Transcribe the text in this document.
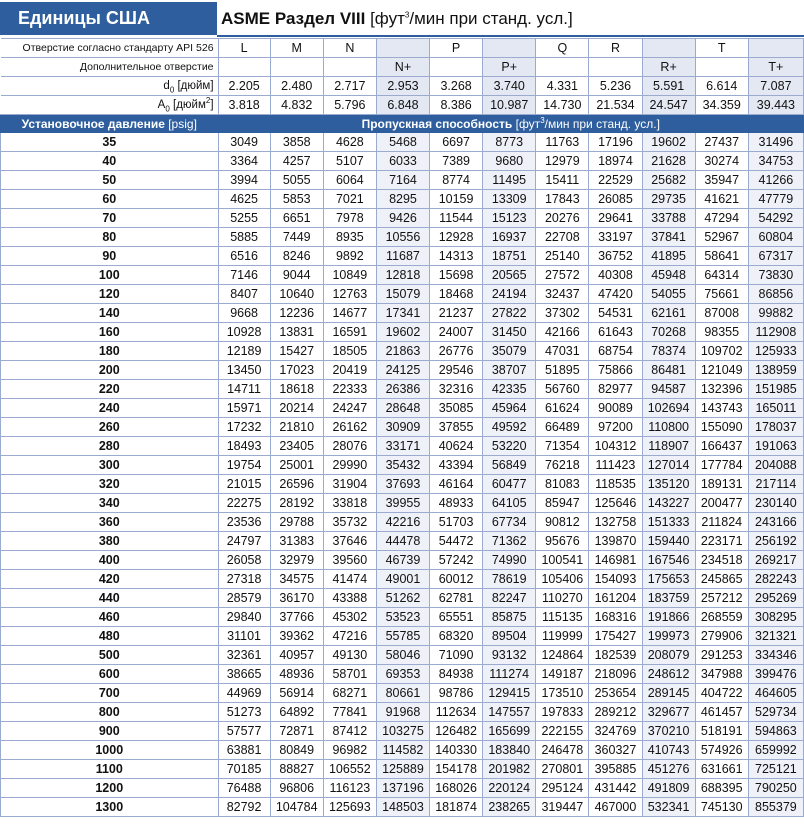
Единицы США	ASME Раздел VIII [фут$^3$/мин при станд. усл.]
Отверстие согласно стандарту API 526	L	M	N		P		Q	R		T	
Дополнительное отверстие				N+		P+			R+		T+
$d_0$ [дюйм]	2.205	2.480	2.717	2.953	3.268	3.740	4.331	5.236	5.591	6.614	7.087
$A_0$ [дюйм$^2$]	3.818	4.832	5.796	6.848	8.386	10.987	14.730	21.534	24.547	34.359	39.443
Установочное давление [psig]	Пропускная способность [фут$^3$/мин при станд. усл.]										
35	3049	3858	4628	5468	6697	8773	11763	17196	19602	27437	31496
40	3364	4257	5107	6033	7389	9680	12979	18974	21628	30274	34753
50	3994	5055	6064	7164	8774	11495	15411	22529	25682	35947	41266
60	4625	5853	7021	8295	10159	13309	17843	26085	29735	41621	47779
70	5255	6651	7978	9426	11544	15123	20276	29641	33788	47294	54292
80	5885	7449	8935	10556	12928	16937	22708	33197	37841	52967	60804
90	6516	8246	9892	11687	14313	18751	25140	36752	41895	58641	67317
100	7146	9044	10849	12818	15698	20565	27572	40308	45948	64314	73830
120	8407	10640	12763	15079	18468	24194	32437	47420	54055	75661	86856
140	9668	12236	14677	17341	21237	27822	37302	54531	62161	87008	99882
160	10928	13831	16591	19602	24007	31450	42166	61643	70268	98355	112908
180	12189	15427	18505	21863	26776	35079	47031	68754	78374	109702	125933
200	13450	17023	20419	24125	29546	38707	51895	75866	86481	121049	138959
220	14711	18618	22333	26386	32316	42335	56760	82977	94587	132396	151985
240	15971	20214	24247	28648	35085	45964	61624	90089	102694	143743	165011
260	17232	21810	26162	30909	37855	49592	66489	97200	110800	155090	178037
280	18493	23405	28076	33171	40624	53220	71354	104312	118907	166437	191063
300	19754	25001	29990	35432	43394	56849	76218	111423	127014	177784	204088
320	21015	26596	31904	37693	46164	60477	81083	118535	135120	189131	217114
340	22275	28192	33818	39955	48933	64105	85947	125646	143227	200477	230140
360	23536	29788	35732	42216	51703	67734	90812	132758	151333	211824	243166
380	24797	31383	37646	44478	54472	71362	95676	139870	159440	223171	256192
400	26058	32979	39560	46739	57242	74990	100541	146981	167546	234518	269217
420	27318	34575	41474	49001	60012	78619	105406	154093	175653	245865	282243
440	28579	36170	43388	51262	62781	82247	110270	161204	183759	257212	295269
460	29840	37766	45302	53523	65551	85875	115135	168316	191866	268559	308295
480	31101	39362	47216	55785	68320	89504	119999	175427	199973	279906	321321
500	32361	40957	49130	58046	71090	93132	124864	182539	208079	291253	334346
600	38665	48936	58701	69353	84938	111274	149187	218096	248612	347988	399476
700	44969	56914	68271	80661	98786	129415	173510	253654	289145	404722	464605
800	51273	64892	77841	91968	112634	147557	197833	289212	329677	461457	529734
900	57577	72871	87412	103275	126482	165699	222155	324769	370210	518191	594863
1000	63881	80849	96982	114582	140330	183840	246478	360327	410743	574926	659992
1100	70185	88827	106552	125889	154178	201982	270801	395885	451276	631661	725121
1200	76488	96806	116123	137196	168026	220124	295124	431442	491809	688395	790250
1300	82792	104784	125693	148503	181874	238265	319447	467000	532341	745130	855379
